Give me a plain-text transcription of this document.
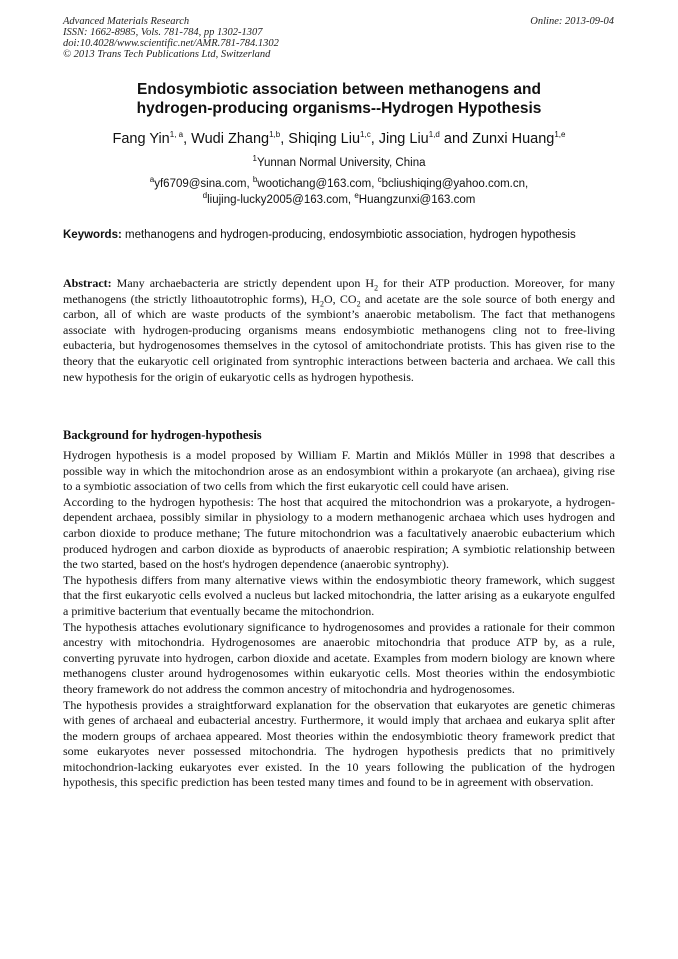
Advanced Materials Research
ISSN: 1662-8985, Vols. 781-784, pp 1302-1307
doi:10.4028/www.scientific.net/AMR.781-784.1302
© 2013 Trans Tech Publications Ltd, Switzerland
Online: 2013-09-04
Endosymbiotic association between methanogens and
hydrogen-producing organisms--Hydrogen Hypothesis
Fang Yin$^{1, a}$, Wudi Zhang$^{1,b}$, Shiqing Liu$^{1,c}$, Jing Liu$^{1,d}$ and Zunxi Huang$^{1,e}$
$^1$Yunnan Normal University, China
$^a$yf6709@sina.com, $^b$wootichang@163.com, $^c$bcliushiqing@yahoo.com.cn,
$^d$liujing-lucky2005@163.com, $^e$Huangzunxi@163.com
Keywords: methanogens and hydrogen-producing, endosymbiotic association, hydrogen hypothesis
Abstract: Many archaebacteria are strictly dependent upon $H_2$ for their ATP production. Moreover, for many methanogens (the strictly lithoautotrophic forms), $H_2O$, $CO_2$ and acetate are the sole source of both energy and carbon, all of which are waste products of the symbiont’s anaerobic metabolism. The fact that methanogens associate with hydrogen-producing organisms means endosymbiotic methanogens cling not to free-living eubacteria, but hydrogenosomes themselves in the cytosol of amitochondriate protists. This has given rise to the theory that the eukaryotic cell originated from syntrophic interactions between bacteria and archaea. We call this new hypothesis for the origin of eukaryotic cells as hydrogen hypothesis.
Background for hydrogen-hypothesis

Hydrogen hypothesis is a model proposed by William F. Martin and Miklós Müller in 1998 that describes a possible way in which the mitochondrion arose as an endosymbiont within a prokaryote (an archaea), giving rise to a symbiotic association of two cells from which the first eukaryotic cell could have arisen.

According to the hydrogen hypothesis: The host that acquired the mitochondrion was a prokaryote, a hydrogen-dependent archaea, possibly similar in physiology to a modern methanogenic archaea which uses hydrogen and carbon dioxide to produce methane; The future mitochondrion was a facultatively anaerobic eubacterium which produced hydrogen and carbon dioxide as byproducts of anaerobic respiration; A symbiotic relationship between the two started, based on the host's hydrogen dependence (anaerobic syntrophy).

The hypothesis differs from many alternative views within the endosymbiotic theory framework, which suggest that the first eukaryotic cells evolved a nucleus but lacked mitochondria, the latter arising as a eukaryote engulfed a primitive bacterium that eventually became the mitochondrion.

The hypothesis attaches evolutionary significance to hydrogenosomes and provides a rationale for their common ancestry with mitochondria. Hydrogenosomes are anaerobic mitochondria that produce ATP by, as a rule, converting pyruvate into hydrogen, carbon dioxide and acetate. Examples from modern biology are known where methanogens cluster around hydrogenosomes within eukaryotic cells. Most theories within the endosymbiotic theory framework do not address the common ancestry of mitochondria and hydrogenosomes.

The hypothesis provides a straightforward explanation for the observation that eukaryotes are genetic chimeras with genes of archaeal and eubacterial ancestry. Furthermore, it would imply that archaea and eukarya split after the modern groups of archaea appeared. Most theories within the endosymbiotic theory framework predict that some eukaryotes never possessed mitochondria. The hydrogen hypothesis predicts that no primitively mitochondrion-lacking eukaryotes ever existed. In the 10 years following the publication of the hydrogen hypothesis, this specific prediction has been tested many times and found to be in agreement with observation.
